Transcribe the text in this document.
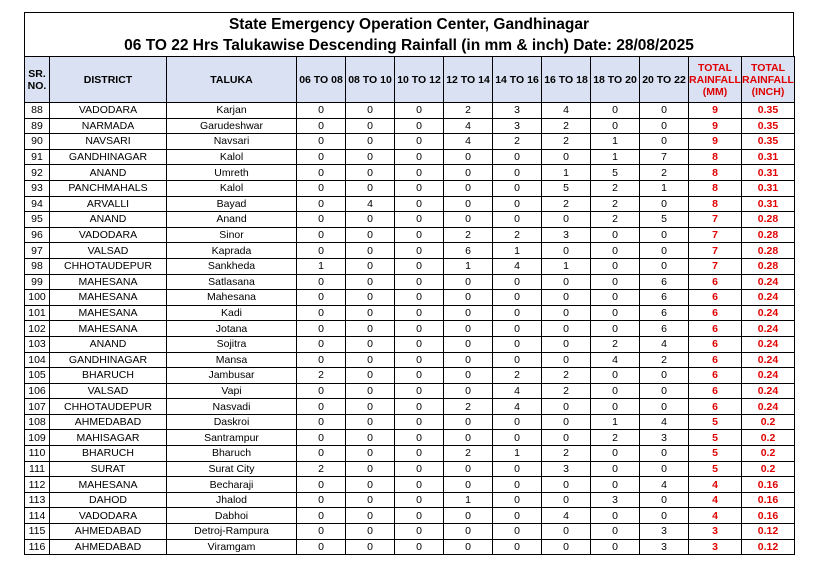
State Emergency Operation Center, Gandhinagar
06 TO 22 Hrs Talukawise Descending Rainfall (in mm & inch) Date: 28/08/2025
SR. NO.	DISTRICT	TALUKA	06 TO 08	08 TO 10	10 TO 12	12 TO 14	14 TO 16	16 TO 18	18 TO 20	20 TO 22	TOTAL RAINFALL (MM)	TOTAL RAINFALL (INCH)
88	VADODARA	Karjan	0	0	0	2	3	4	0	0	9	0.35
89	NARMADA	Garudeshwar	0	0	0	4	3	2	0	0	9	0.35
90	NAVSARI	Navsari	0	0	0	4	2	2	1	0	9	0.35
91	GANDHINAGAR	Kalol	0	0	0	0	0	0	1	7	8	0.31
92	ANAND	Umreth	0	0	0	0	0	1	5	2	8	0.31
93	PANCHMAHALS	Kalol	0	0	0	0	0	5	2	1	8	0.31
94	ARVALLI	Bayad	0	4	0	0	0	2	2	0	8	0.31
95	ANAND	Anand	0	0	0	0	0	0	2	5	7	0.28
96	VADODARA	Sinor	0	0	0	2	2	3	0	0	7	0.28
97	VALSAD	Kaprada	0	0	0	6	1	0	0	0	7	0.28
98	CHHOTAUDEPUR	Sankheda	1	0	0	1	4	1	0	0	7	0.28
99	MAHESANA	Satlasana	0	0	0	0	0	0	0	6	6	0.24
100	MAHESANA	Mahesana	0	0	0	0	0	0	0	6	6	0.24
101	MAHESANA	Kadi	0	0	0	0	0	0	0	6	6	0.24
102	MAHESANA	Jotana	0	0	0	0	0	0	0	6	6	0.24
103	ANAND	Sojitra	0	0	0	0	0	0	2	4	6	0.24
104	GANDHINAGAR	Mansa	0	0	0	0	0	0	4	2	6	0.24
105	BHARUCH	Jambusar	2	0	0	0	2	2	0	0	6	0.24
106	VALSAD	Vapi	0	0	0	0	4	2	0	0	6	0.24
107	CHHOTAUDEPUR	Nasvadi	0	0	0	2	4	0	0	0	6	0.24
108	AHMEDABAD	Daskroi	0	0	0	0	0	0	1	4	5	0.2
109	MAHISAGAR	Santrampur	0	0	0	0	0	0	2	3	5	0.2
110	BHARUCH	Bharuch	0	0	0	2	1	2	0	0	5	0.2
111	SURAT	Surat City	2	0	0	0	0	3	0	0	5	0.2
112	MAHESANA	Becharaji	0	0	0	0	0	0	0	4	4	0.16
113	DAHOD	Jhalod	0	0	0	1	0	0	3	0	4	0.16
114	VADODARA	Dabhoi	0	0	0	0	0	4	0	0	4	0.16
115	AHMEDABAD	Detroj-Rampura	0	0	0	0	0	0	0	3	3	0.12
116	AHMEDABAD	Viramgam	0	0	0	0	0	0	0	3	3	0.12
